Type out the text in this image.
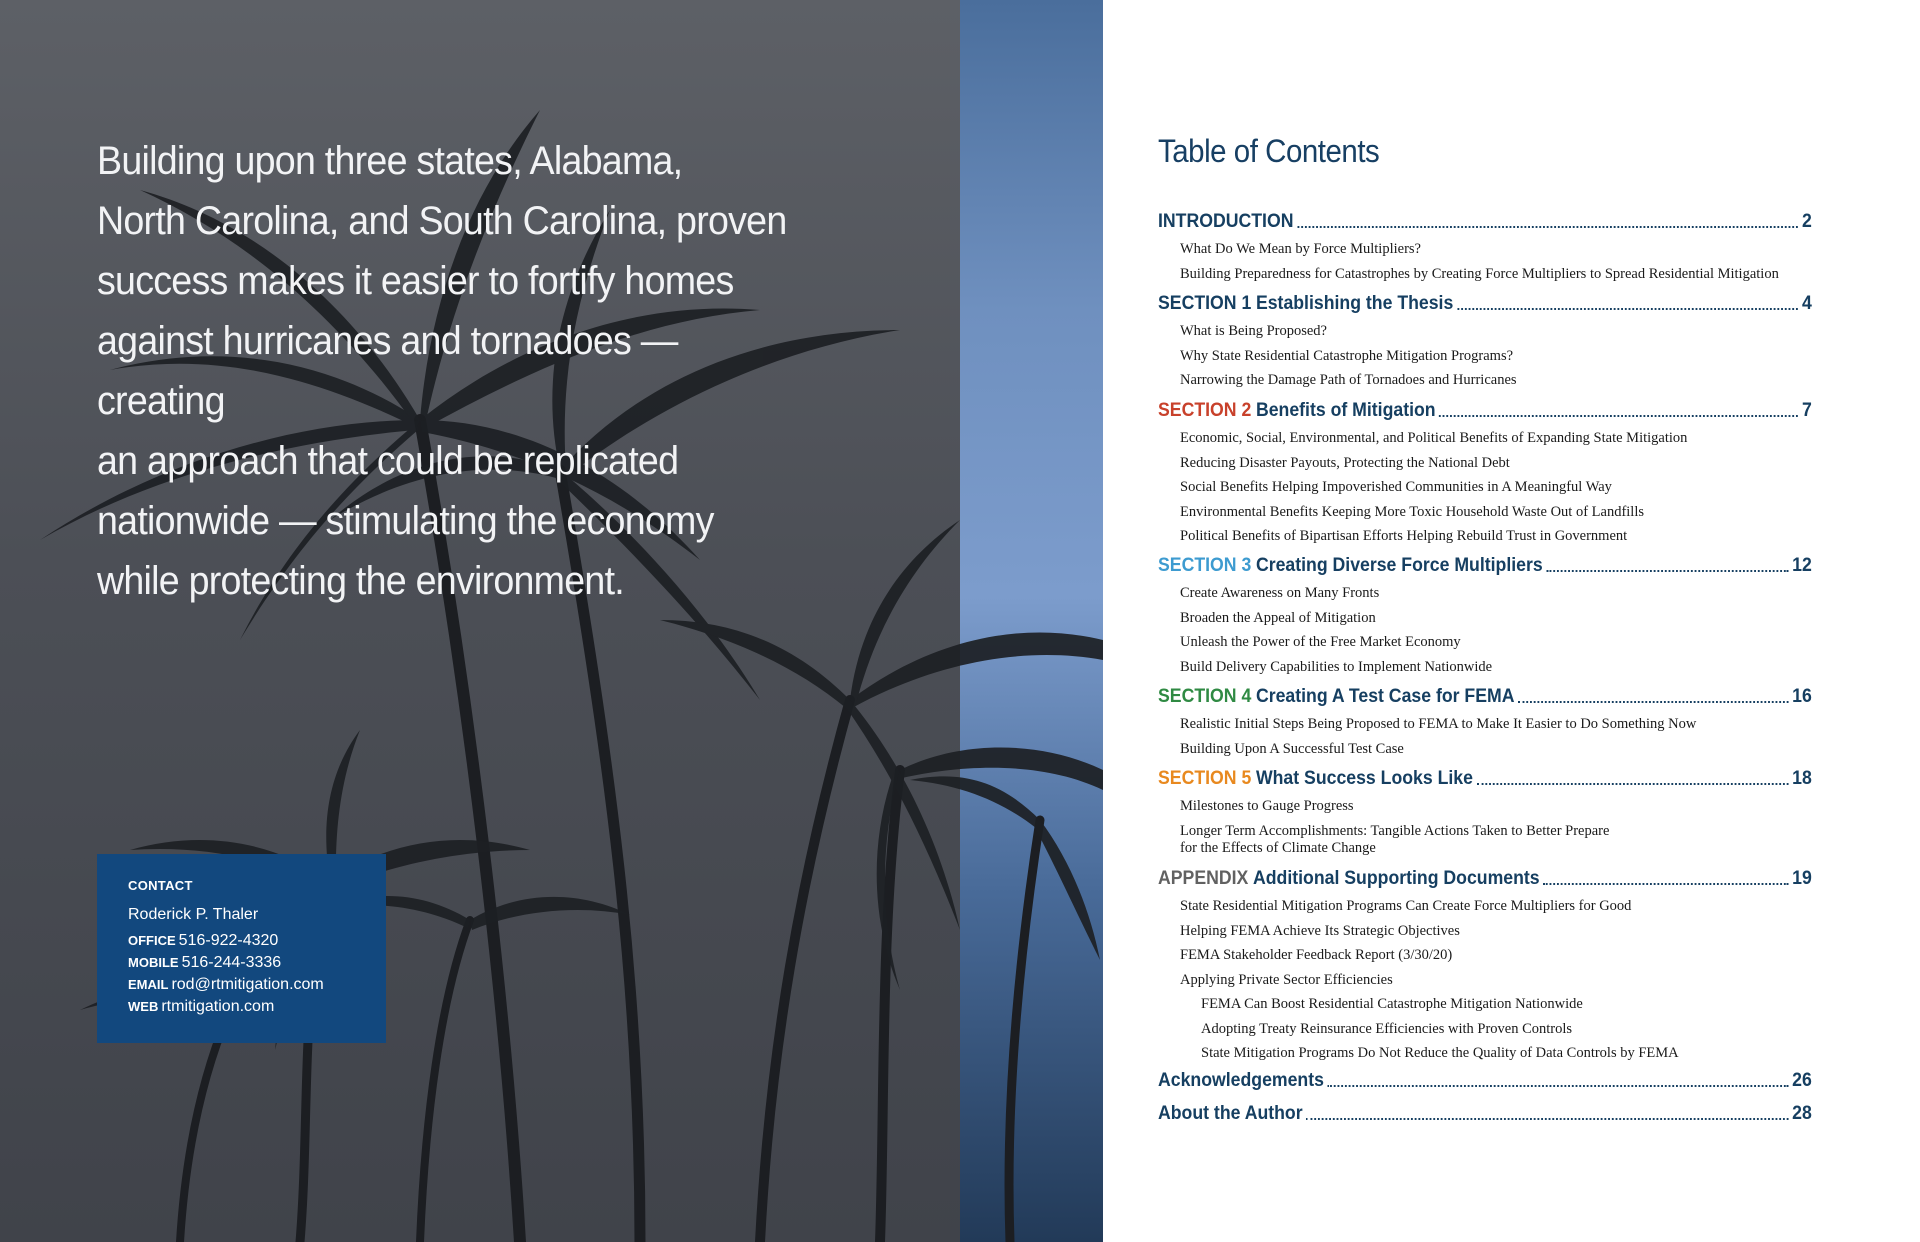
Building upon three states, Alabama,
North Carolina, and South Carolina, proven
success makes it easier to fortify homes
against hurricanes and tornadoes — creating
an approach that could be replicated
nationwide — stimulating the economy
while protecting the environment.

CONTACT
Roderick P. Thaler
OFFICE 516-922-4320
MOBILE 516-244-3336
EMAIL rod@rtmitigation.com
WEB rtmitigation.com
Table of Contents
INTRODUCTION	2
What Do We Mean by Force Multipliers?
Building Preparedness for Catastrophes by Creating Force Multipliers to Spread Residential Mitigation
SECTION 1 Establishing the Thesis	4
What is Being Proposed?
Why State Residential Catastrophe Mitigation Programs?
Narrowing the Damage Path of Tornadoes and Hurricanes
SECTION 2 Benefits of Mitigation	7
Economic, Social, Environmental, and Political Benefits of Expanding State Mitigation
Reducing Disaster Payouts, Protecting the National Debt
Social Benefits Helping Impoverished Communities in A Meaningful Way
Environmental Benefits Keeping More Toxic Household Waste Out of Landfills
Political Benefits of Bipartisan Efforts Helping Rebuild Trust in Government
SECTION 3 Creating Diverse Force Multipliers	12
Create Awareness on Many Fronts
Broaden the Appeal of Mitigation
Unleash the Power of the Free Market Economy
Build Delivery Capabilities to Implement Nationwide
SECTION 4 Creating A Test Case for FEMA	16
Realistic Initial Steps Being Proposed to FEMA to Make It Easier to Do Something Now
Building Upon A Successful Test Case
SECTION 5 What Success Looks Like	18
Milestones to Gauge Progress
Longer Term Accomplishments: Tangible Actions Taken to Better Prepare
for the Effects of Climate Change
APPENDIX Additional Supporting Documents	19
State Residential Mitigation Programs Can Create Force Multipliers for Good
Helping FEMA Achieve Its Strategic Objectives
FEMA Stakeholder Feedback Report (3/30/20)
Applying Private Sector Efficiencies
FEMA Can Boost Residential Catastrophe Mitigation Nationwide
Adopting Treaty Reinsurance Efficiencies with Proven Controls
State Mitigation Programs Do Not Reduce the Quality of Data Controls by FEMA
Acknowledgements	26
About the Author	28
